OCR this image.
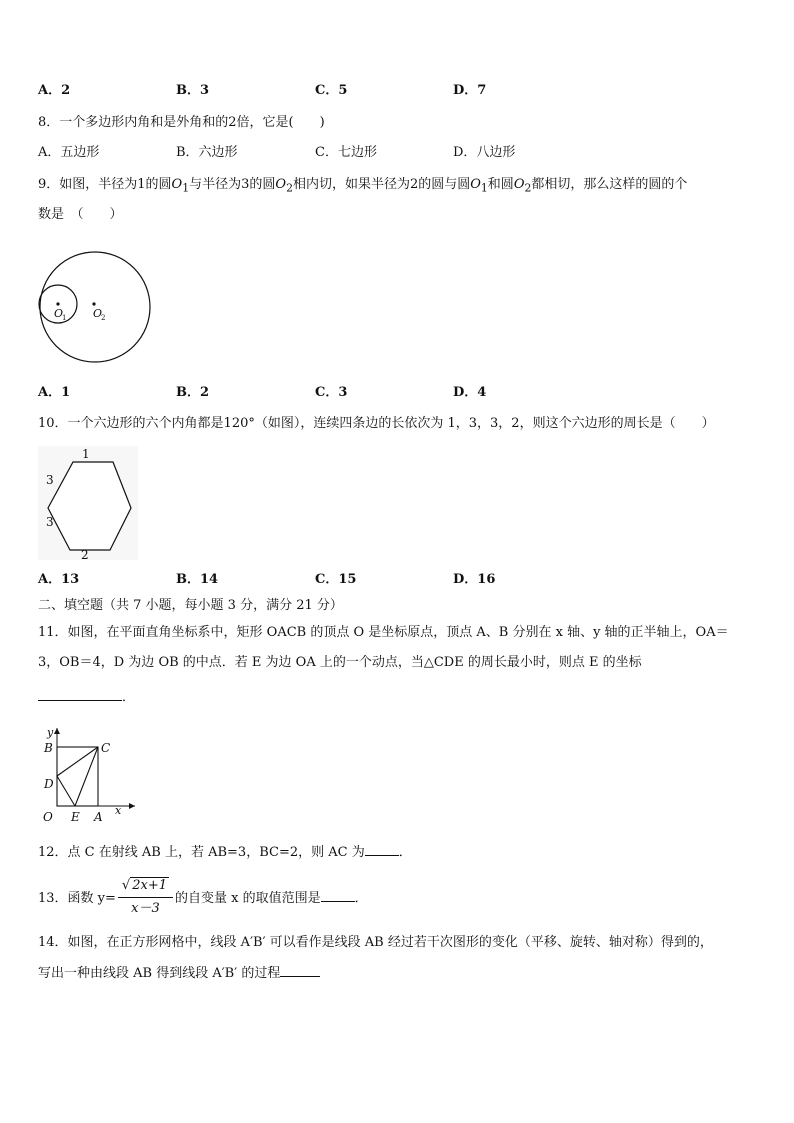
A．2	B．3	C．5	D．7
8．一个多边形内角和是外角和的2倍，它是(　　)
A．五边形	B．六边形	C．七边形	D．八边形
9．如图，半径为1的圆$O_1$与半径为3的圆$O_2$相内切，如果半径为2的圆与圆$O_1$和圆$O_2$都相切，那么这样的圆的个
数是　（　　）
O
1 O
2
A．1	B．2	C．3	D．4
10．一个六边形的六个内角都是120°（如图），连续四条边的长依次为 1，3，3，2，则这个六边形的周长是（　　）
1
3
3
2
A．13	B．14	C．15	D．16
二、填空题（共 7 小题，每小题 3 分，满分 21 分）
11．如图，在平面直角坐标系中，矩形 OACB 的顶点 O 是坐标原点，顶点 A、B 分别在 x 轴、y 轴的正半轴上，OA＝
3，OB＝4，D 为边 OB 的中点．若 E 为边 OA 上的一个动点，当△CDE 的周长最小时，则点 E 的坐标
．
y
x
B	C
D
O E A
12．点 C 在射线 AB 上，若 AB=3，BC=2，则 AC 为	．
13．函数 $y= \frac{√ 2x+1}{x-3}$ 的自变量 x 的取值范围是	．
14．如图，在正方形网格中，线段 A′B′ 可以看作是线段 AB 经过若干次图形的变化（平移、旋转、轴对称）得到的，
写出一种由线段 AB 得到线段 A′B′ 的过程
